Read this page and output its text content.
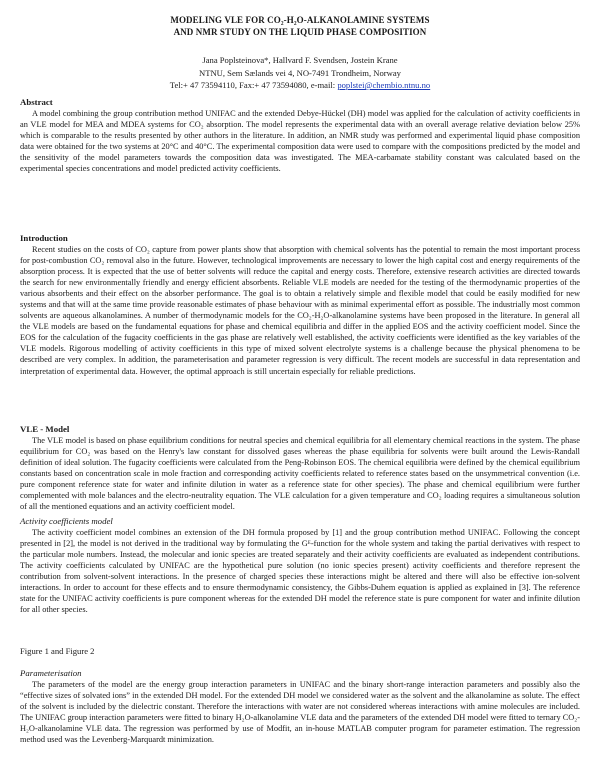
MODELING VLE FOR CO₂-H₂O-ALKANOLAMINE SYSTEMS
AND NMR STUDY ON THE LIQUID PHASE COMPOSITION
Jana Poplsteinova*, Hallvard F. Svendsen, Jostein Krane
NTNU, Sem Sælands vei 4, NO-7491 Trondheim, Norway
Tel:+ 47 73594110, Fax:+ 47 73594080, e-mail: poplstei@chembio.ntnu.no
Abstract

A model combining the group contribution method UNIFAC and the extended Debye-Hückel (DH) model was applied for the calculation of activity coefficients in an VLE model for MEA and MDEA systems for CO₂ absorption. The model represents the experimental data with an overall average relative deviation below 25% which is comparable to the results presented by other authors in the literature. In addition, an NMR study was performed and experimental liquid phase composition data were obtained for the two systems at 20°C and 40°C. The experimental composition data were used to compare with the compositions predicted by the model and the sensitivity of the model parameters towards the composition data was investigated. The MEA-carbamate stability constant was calculated based on the experimental species concentrations and model predicted activity coefficients.

Introduction

Recent studies on the costs of CO₂ capture from power plants show that absorption with chemical solvents has the potential to remain the most important process for post-combustion CO₂ removal also in the future. However, technological improvements are necessary to lower the high capital cost and energy requirements of the absorption process. It is expected that the use of better solvents will reduce the capital and energy costs. Therefore, extensive research activities are directed towards the search for new environmentally friendly and energy efficient absorbents. Reliable VLE models are needed for the testing of the thermodynamic properties of the various absorbents and their effect on the absorber performance. The goal is to obtain a relatively simple and flexible model that could be easily modified for new systems and that will at the same time provide reasonable estimates of phase behaviour with as minimal experimental effort as possible. The industrially most common solvents are aqueous alkanolamines. A number of thermodynamic models for the CO₂-H₂O-alkanolamine systems have been proposed in the literature. In general all the VLE models are based on the fundamental equations for phase and chemical equilibria and differ in the applied EOS and the activity coefficient model. Since the EOS for the calculation of the fugacity coefficients in the gas phase are relatively well established, the activity coefficients were identified as the key variables of the VLE models. Rigorous modelling of activity coefficients in this type of mixed solvent electrolyte systems is a challenge because the physical phenomena to be described are very complex. In addition, the parameterisation and parameter regression is very difficult. The recent models are successful in data representation and interpretation of experimental data. However, the optimal approach is still uncertain especially for reliable predictions.

VLE - Model

The VLE model is based on phase equilibrium conditions for neutral species and chemical equilibria for all elementary chemical reactions in the system. The phase equilibrium for CO₂ was based on the Henry's law constant for dissolved gases whereas the phase equilibria for solvents were built around the Lewis-Randall definition of ideal solution. The fugacity coefficients were calculated from the Peng-Robinson EOS. The chemical equilibria were defined by the chemical equilibrium constants based on concentration scale in mole fraction and corresponding activity coefficients related to reference states based on the unsymmetrical convention (i.e. pure component reference state for water and infinite dilution in water as a reference state for other species). The phase and chemical equilibrium were further complemented with mole balances and the electro-neutrality equation. The VLE calculation for a given temperature and CO₂ loading requires a simultaneous solution of all the mentioned equations and an activity coefficient model.

Activity coefficients model

The activity coefficient model combines an extension of the DH formula proposed by [1] and the group contribution method UNIFAC. Following the concept presented in [2], the model is not derived in the traditional way by formulating the Gᴱ-function for the whole system and taking the partial derivatives with respect to the particular mole numbers. Instead, the molecular and ionic species are treated separately and their activity coefficients are evaluated as independent contributions. The activity coefficients calculated by UNIFAC are the hypothetical pure solution (no ionic species present) activity coefficients and therefore represent the contribution from solvent-solvent interactions. In the presence of charged species these interactions might be altered and there will also be effective ion-solvent interactions. In order to account for these effects and to ensure thermodynamic consistency, the Gibbs-Duhem equation is applied as explained in [3]. The reference state for the UNIFAC activity coefficients is pure component whereas for the extended DH model the reference state is pure component for water and infinite dilution for all other species.

Figure 1 and Figure 2
Parameterisation

The parameters of the model are the energy group interaction parameters in UNIFAC and the binary short-range interaction parameters and possibly also the “effective sizes of solvated ions” in the extended DH model. For the extended DH model we considered water as the solvent and the alkanolamine as solute. The effect of the solvent is included by the dielectric constant. Therefore the interactions with water are not considered whereas interactions with amine molecules are included. The UNIFAC group interaction parameters were fitted to binary H₂O-alkanolamine VLE data and the parameters of the extended DH model were fitted to ternary CO₂-H₂O-alkanolamine VLE data. The regression was performed by use of Modfit, an in-house MATLAB computer program for parameter estimation. The regression method used was the Levenberg-Marquardt minimization.
